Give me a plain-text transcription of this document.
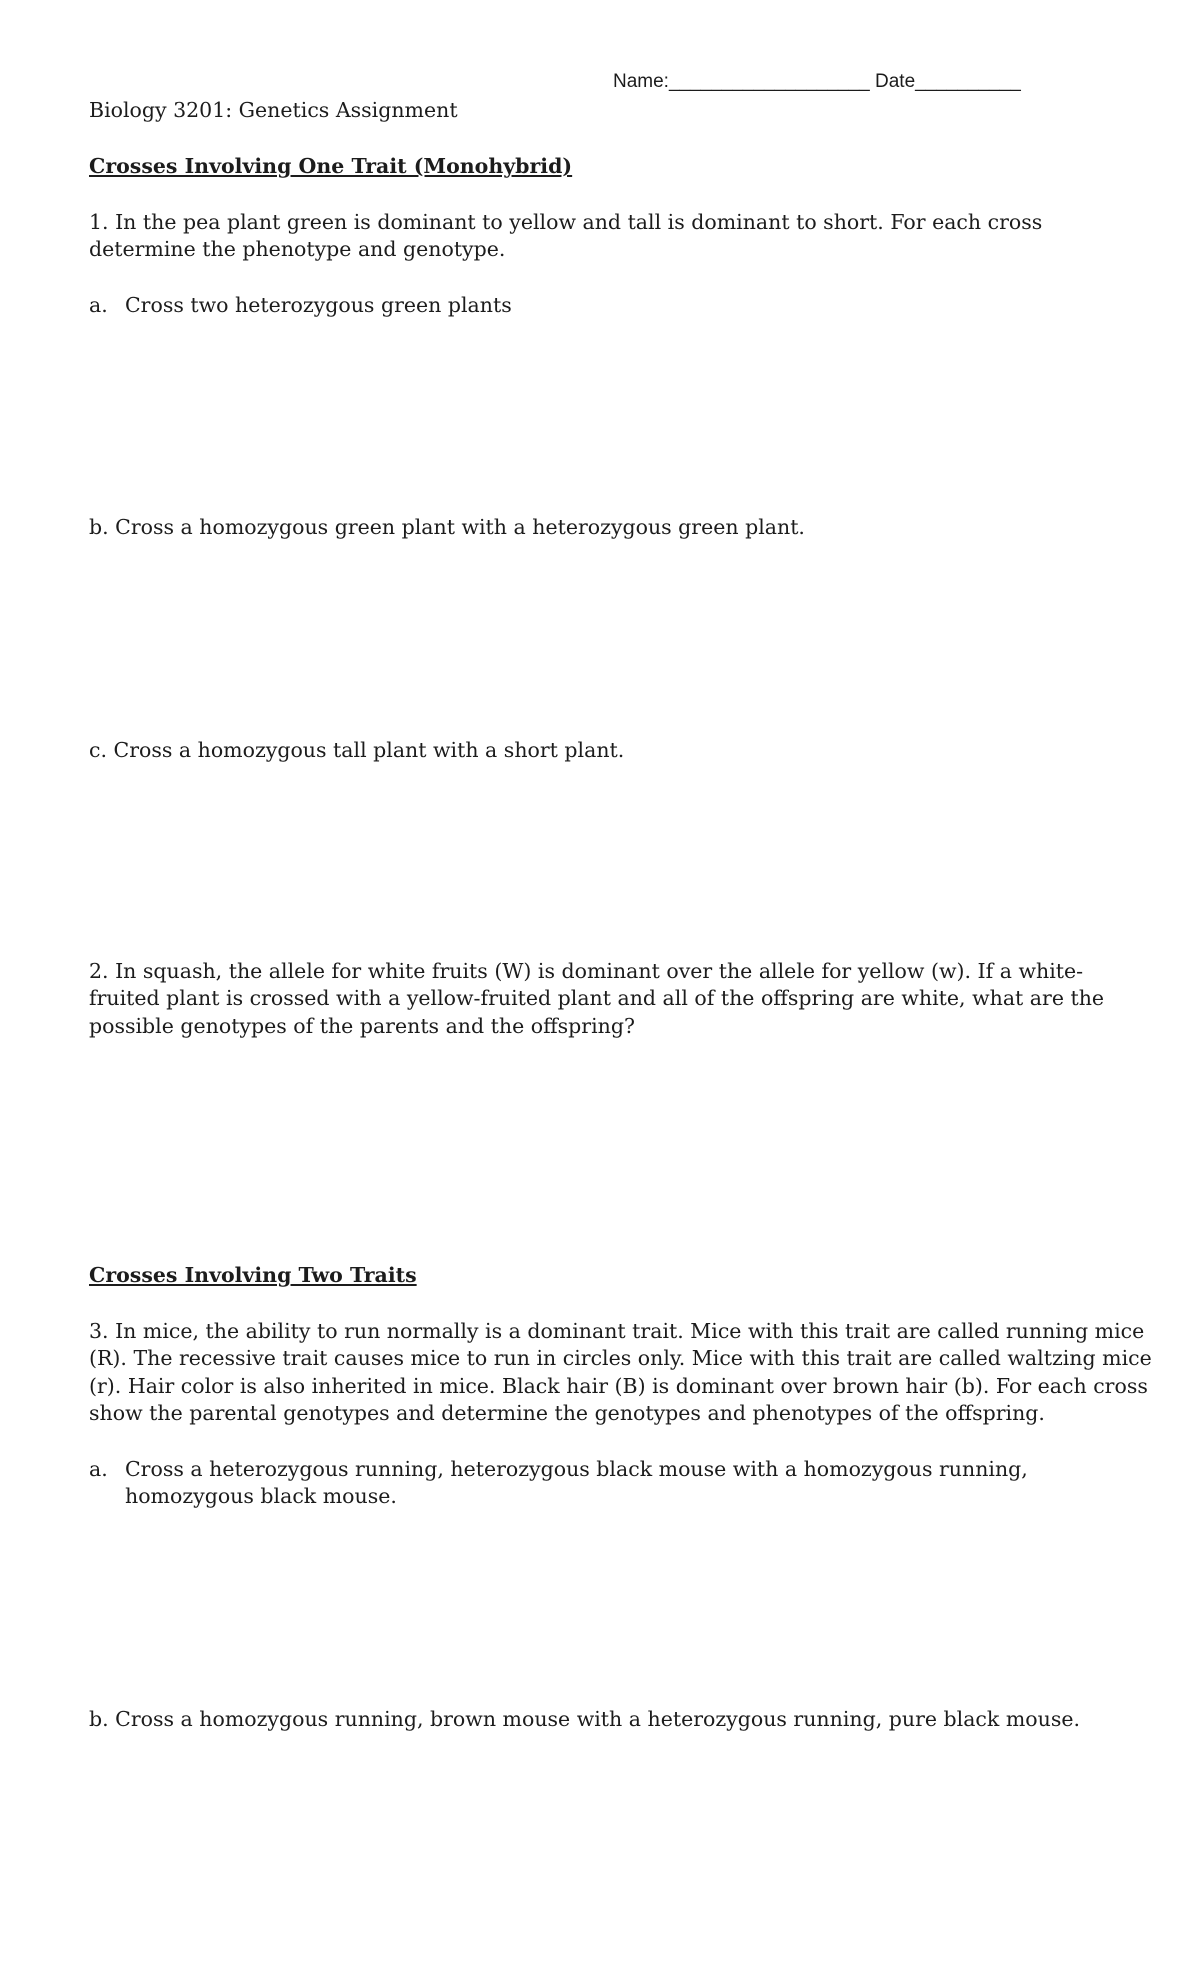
Name:___________________ Date__________
Biology 3201: Genetics Assignment
Crosses Involving One Trait (Monohybrid)
1. In the pea plant green is dominant to yellow and tall is dominant to short. For each cross
determine the phenotype and genotype.
a. Cross two heterozygous green plants
b. Cross a homozygous green plant with a heterozygous green plant.
c. Cross a homozygous tall plant with a short plant.
2. In squash, the allele for white fruits (W) is dominant over the allele for yellow (w). If a white-
fruited plant is crossed with a yellow-fruited plant and all of the offspring are white, what are the
possible genotypes of the parents and the offspring?
Crosses Involving Two Traits
3. In mice, the ability to run normally is a dominant trait. Mice with this trait are called running mice
(R). The recessive trait causes mice to run in circles only. Mice with this trait are called waltzing mice
(r). Hair color is also inherited in mice. Black hair (B) is dominant over brown hair (b). For each cross
show the parental genotypes and determine the genotypes and phenotypes of the offspring.
a. Cross a heterozygous running, heterozygous black mouse with a homozygous running,
homozygous black mouse.
b. Cross a homozygous running, brown mouse with a heterozygous running, pure black mouse.
